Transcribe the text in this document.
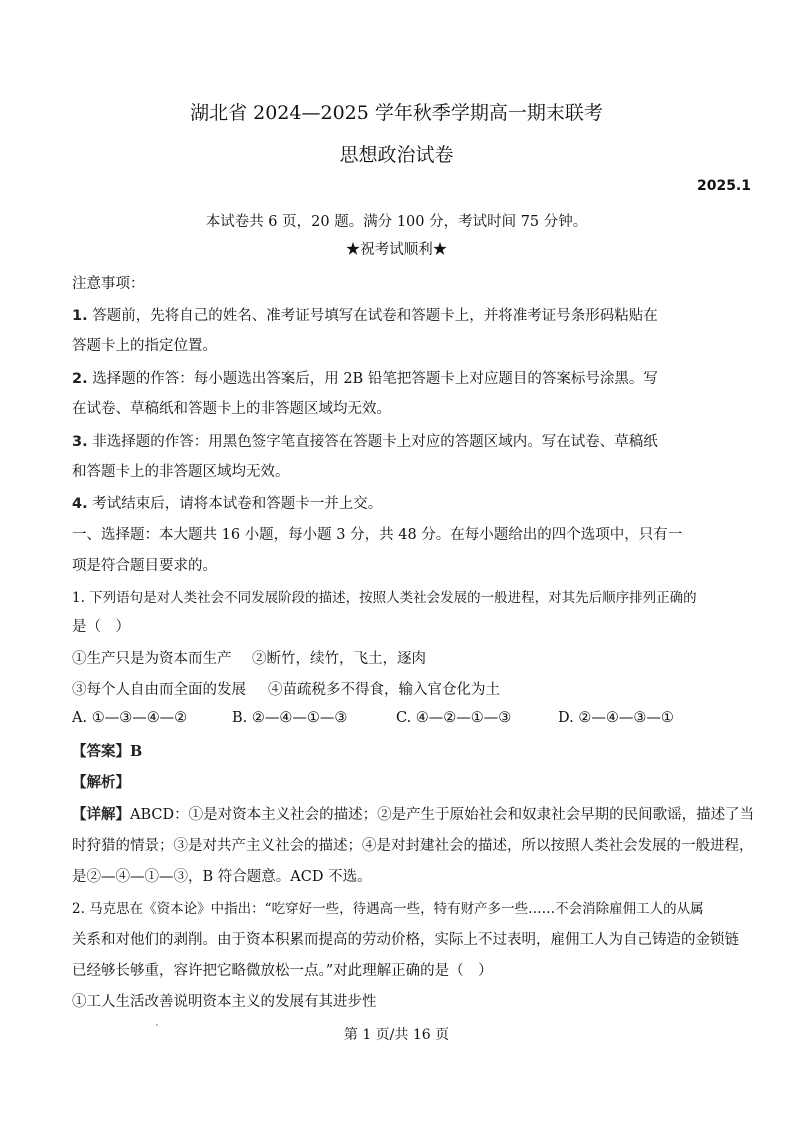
湖北省 2024—2025 学年秋季学期高一期末联考
思想政治试卷
2025.1
本试卷共 6 页，20 题。满分 100 分，考试时间 75 分钟。
★祝考试顺利★
注意事项：
1. 答题前，先将自己的姓名、准考证号填写在试卷和答题卡上，并将准考证号条形码粘贴在
答题卡上的指定位置。
2. 选择题的作答：每小题选出答案后，用 2B 铅笔把答题卡上对应题目的答案标号涂黑。写
在试卷、草稿纸和答题卡上的非答题区域均无效。
3. 非选择题的作答：用黑色签字笔直接答在答题卡上对应的答题区域内。写在试卷、草稿纸
和答题卡上的非答题区域均无效。
4. 考试结束后，请将本试卷和答题卡一并上交。
一、选择题：本大题共 16 小题，每小题 3 分，共 48 分。在每小题给出的四个选项中，只有一
项是符合题目要求的。
1. 下列语句是对人类社会不同发展阶段的描述，按照人类社会发展的一般进程，对其先后顺序排列正确的
是（　）
①生产只是为资本而生产 ②断竹，续竹，飞土，逐肉
③每个人自由而全面的发展 ④苗疏税多不得食，输入官仓化为土
A. ①—③—④—②	B. ②—④—①—③	C. ④—②—①—③	D. ②—④—③—①
【答案】B
【解析】
【详解】ABCD：①是对资本主义社会的描述；②是产生于原始社会和奴隶社会早期的民间歌谣，描述了当
时狩猎的情景；③是对共产主义社会的描述；④是对封建社会的描述，所以按照人类社会发展的一般进程，
是②—④—①—③，B 符合题意。ACD 不选。
2. 马克思在《资本论》中指出：“吃穿好一些，待遇高一些，特有财产多一些……不会消除雇佣工人的从属
关系和对他们的剥削。由于资本积累而提高的劳动价格，实际上不过表明，雇佣工人为自己铸造的金锁链
已经够长够重，容许把它略微放松一点。”对此理解正确的是（　）
①工人生活改善说明资本主义的发展有其进步性
第 1 页/共 16 页
